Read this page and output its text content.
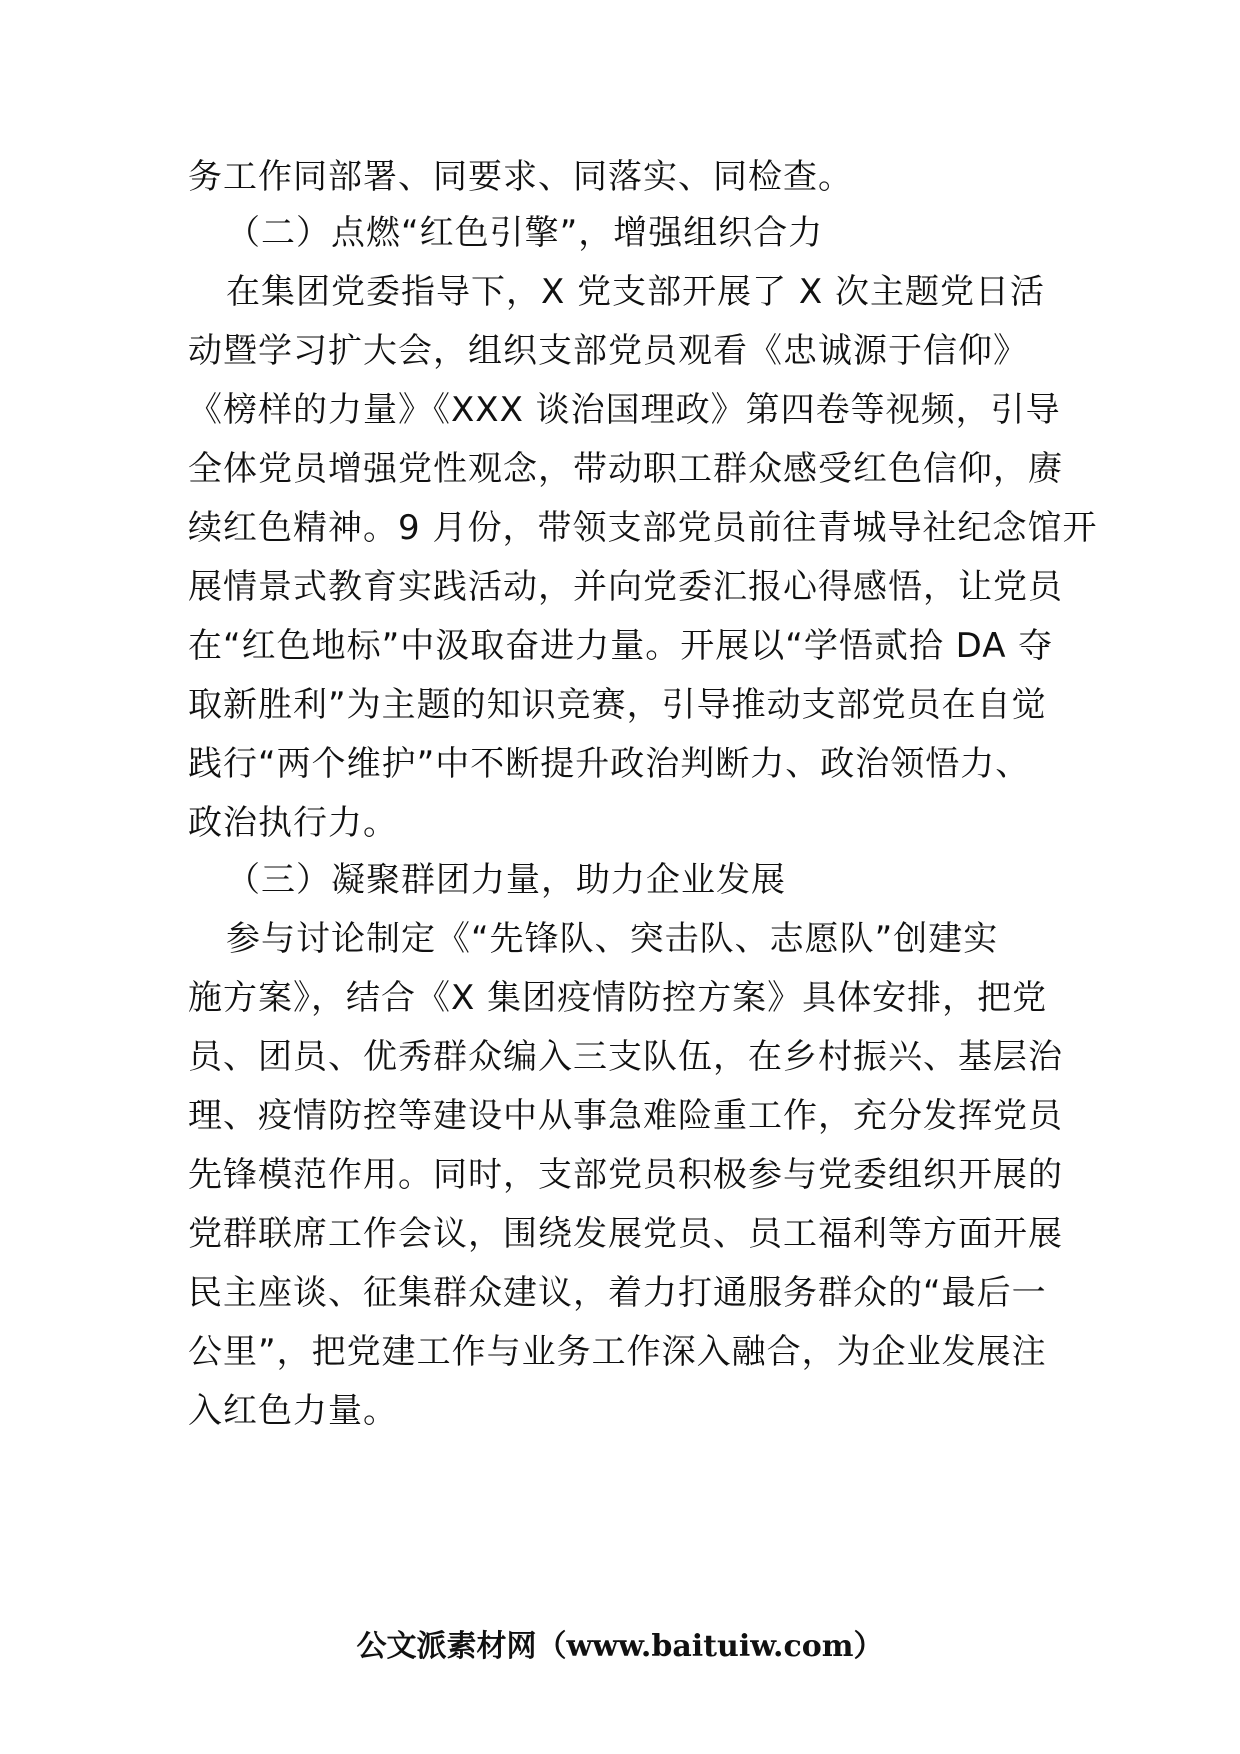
务工作同部署、同要求、同落实、同检查。

（二）点燃“红色引擎”，增强组织合力

在集团党委指导下，X 党支部开展了 X 次主题党日活

动暨学习扩大会，组织支部党员观看《忠诚源于信仰》

《榜样的力量》《XXX 谈治国理政》第四卷等视频，引导

全体党员增强党性观念，带动职工群众感受红色信仰，赓

续红色精神。9 月份，带领支部党员前往青城导社纪念馆开

展情景式教育实践活动，并向党委汇报心得感悟，让党员

在“红色地标”中汲取奋进力量。开展以“学悟贰拾 DA 夺

取新胜利”为主题的知识竞赛，引导推动支部党员在自觉

践行“两个维护”中不断提升政治判断力、政治领悟力、

政治执行力。

（三）凝聚群团力量，助力企业发展

参与讨论制定《“先锋队、突击队、志愿队”创建实

施方案》，结合《X 集团疫情防控方案》具体安排，把党

员、团员、优秀群众编入三支队伍，在乡村振兴、基层治

理、疫情防控等建设中从事急难险重工作，充分发挥党员

先锋模范作用。同时，支部党员积极参与党委组织开展的

党群联席工作会议，围绕发展党员、员工福利等方面开展

民主座谈、征集群众建议，着力打通服务群众的“最后一

公里”，把党建工作与业务工作深入融合，为企业发展注

入红色力量。

公文派素材网（www.baituiw.com）
